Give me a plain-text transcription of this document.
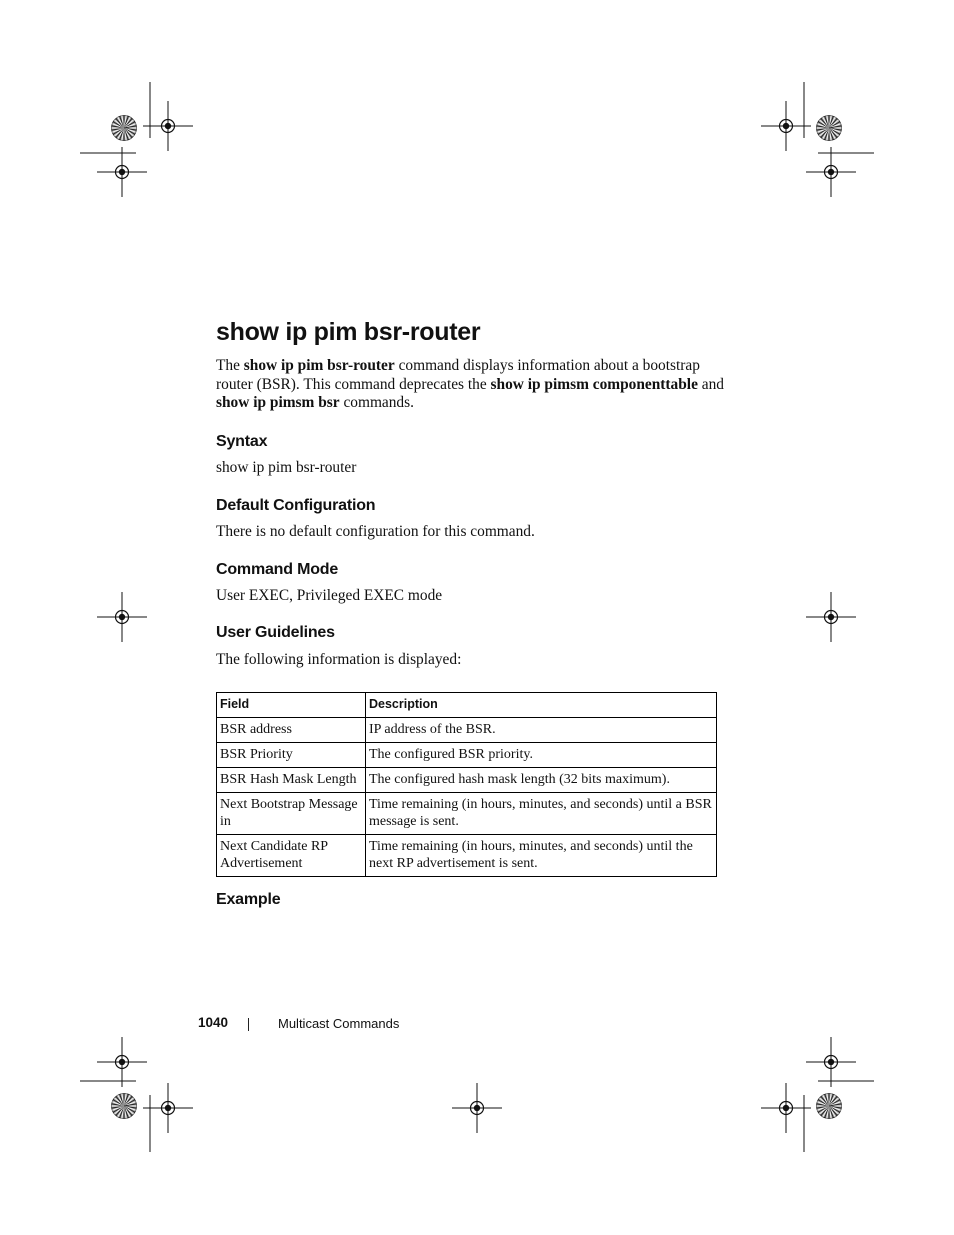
show ip pim bsr-router
The show ip pim bsr-router command displays information about a bootstrap router (BSR). This command deprecates the show ip pimsm componenttable and show ip pimsm bsr commands.
Syntax
show ip pim bsr-router
Default Configuration
There is no default configuration for this command.
Command Mode
User EXEC, Privileged EXEC mode
User Guidelines
The following information is displayed:
Field	Description
BSR address	IP address of the BSR.
BSR Priority	The configured BSR priority.
BSR Hash Mask Length	The configured hash mask length (32 bits maximum).
Next Bootstrap Message in	Time remaining (in hours, minutes, and seconds) until a BSR message is sent.
Next Candidate RP Advertisement	Time remaining (in hours, minutes, and seconds) until the next RP advertisement is sent.
Example
1040	Multicast Commands
